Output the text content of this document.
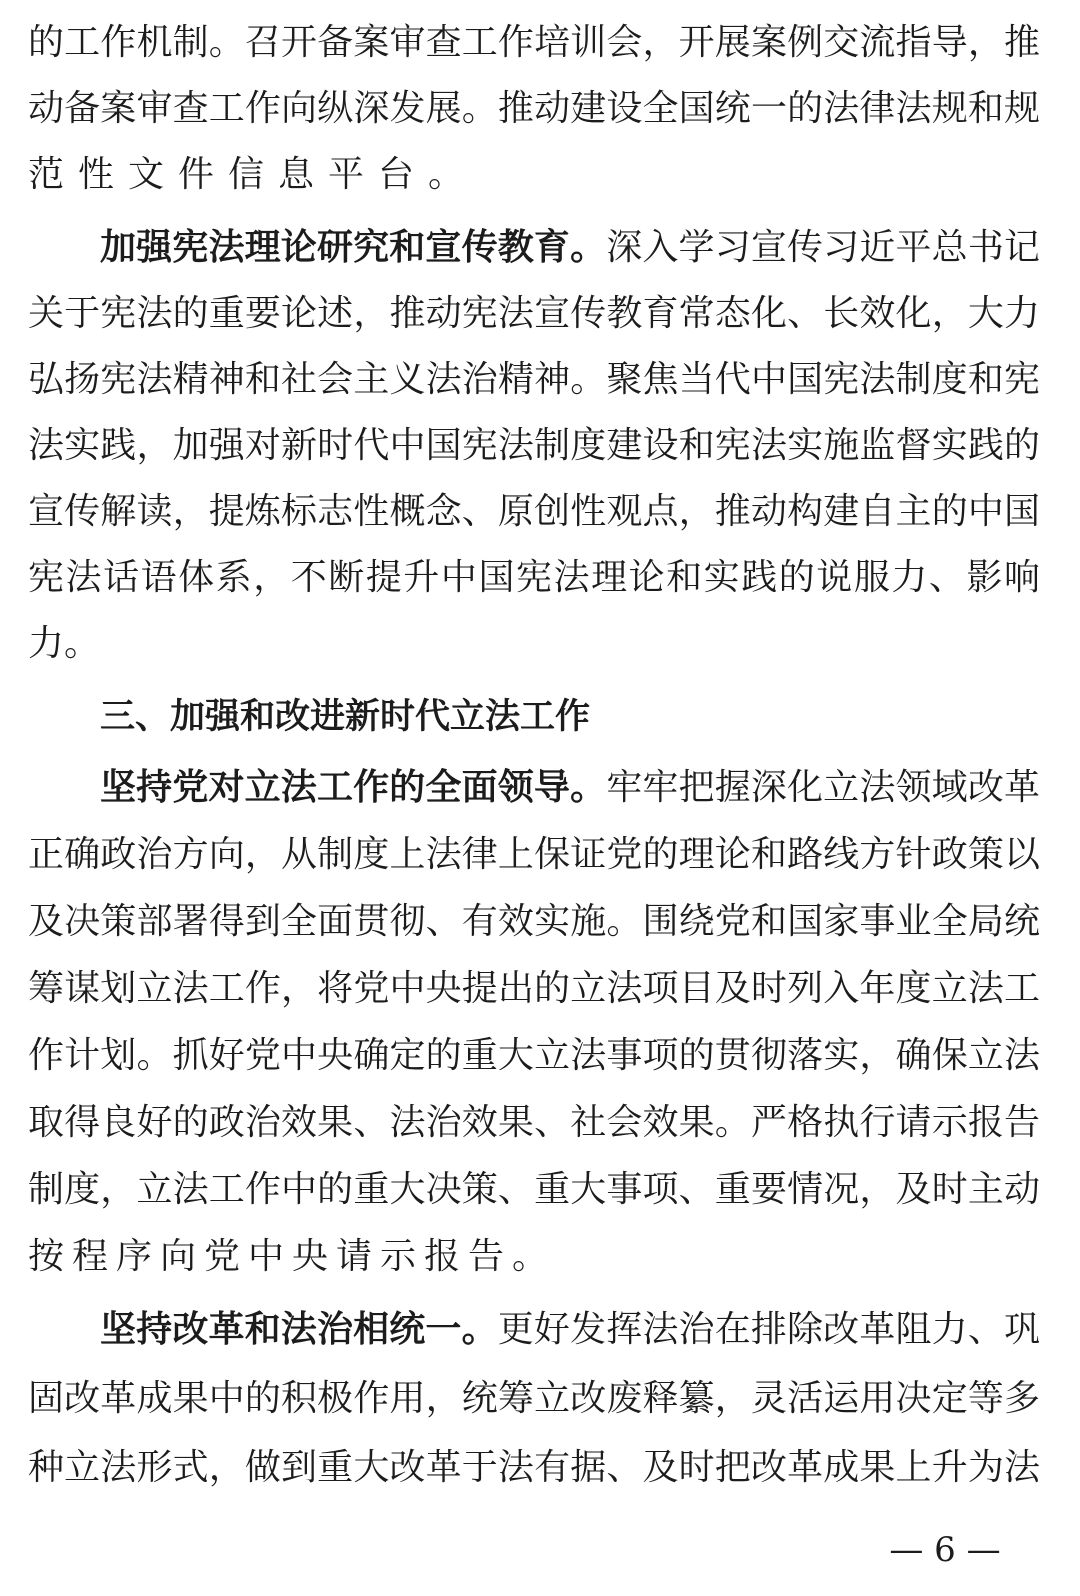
的工作机制。召开备案审查工作培训会，开展案例交流指导，推
动备案审查工作向纵深发展。推动建设全国统一的法律法规和规
范性文件信息平台。
加强宪法理论研究和宣传教育。深入学习宣传习近平总书记
关于宪法的重要论述，推动宪法宣传教育常态化、长效化，大力
弘扬宪法精神和社会主义法治精神。聚焦当代中国宪法制度和宪
法实践，加强对新时代中国宪法制度建设和宪法实施监督实践的
宣传解读，提炼标志性概念、原创性观点，推动构建自主的中国
宪法话语体系，不断提升中国宪法理论和实践的说服力、影响
力。
三、加强和改进新时代立法工作
坚持党对立法工作的全面领导。牢牢把握深化立法领域改革
正确政治方向，从制度上法律上保证党的理论和路线方针政策以
及决策部署得到全面贯彻、有效实施。围绕党和国家事业全局统
筹谋划立法工作，将党中央提出的立法项目及时列入年度立法工
作计划。抓好党中央确定的重大立法事项的贯彻落实，确保立法
取得良好的政治效果、法治效果、社会效果。严格执行请示报告
制度，立法工作中的重大决策、重大事项、重要情况，及时主动
按程序向党中央请示报告。
坚持改革和法治相统一。更好发挥法治在排除改革阻力、巩
固改革成果中的积极作用，统筹立改废释纂，灵活运用决定等多
种立法形式，做到重大改革于法有据、及时把改革成果上升为法
— 6 —
